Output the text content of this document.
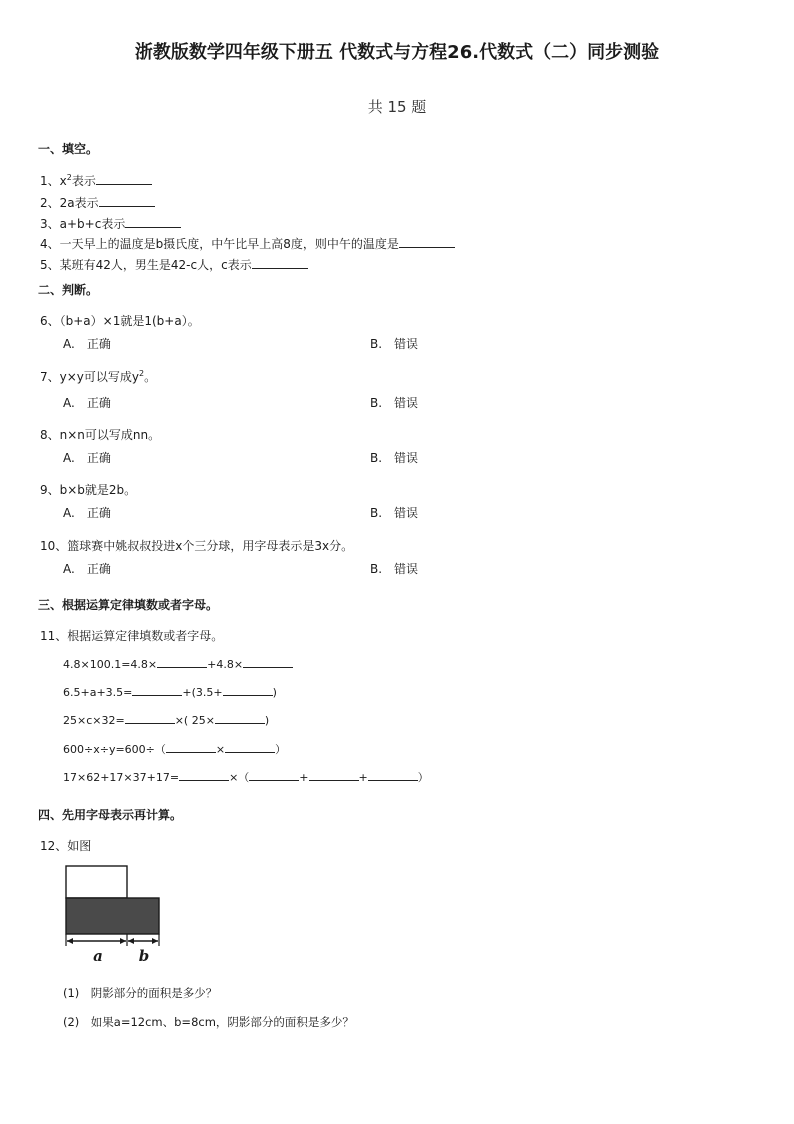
浙教版数学四年级下册五 代数式与方程26.代数式（二）同步测验
共 15 题
一、填空。
1、$x^2$表示
2、2a表示
3、a+b+c表示
4、一天早上的温度是b摄氏度，中午比早上高8度，则中午的温度是
5、某班有42人，男生是42-c人，c表示
二、判断。
6、（b+a）×1就是1(b+a）。
A.　正确	B.　错误
7、y×y可以写成$y^2$。
A.　正确	B.　错误
8、n×n可以写成nn。
A.　正确	B.　错误
9、b×b就是2b。
A.　正确	B.　错误
10、篮球赛中姚叔叔投进x个三分球，用字母表示是3x分。
A.　正确	B.　错误
三、根据运算定律填数或者字母。
11、根据运算定律填数或者字母。
4.8×100.1=4.8×	+4.8×
6.5+a+3.5=	+(3.5+	)
25×c×32=	×( 25×	)
600÷x÷y=600÷（	×	）
17×62+17×37+17=	×（	+	+	）
四、先用字母表示再计算。
12、如图
a b
(1)　阴影部分的面积是多少？
(2)　如果a=12cm、b=8cm，阴影部分的面积是多少？
